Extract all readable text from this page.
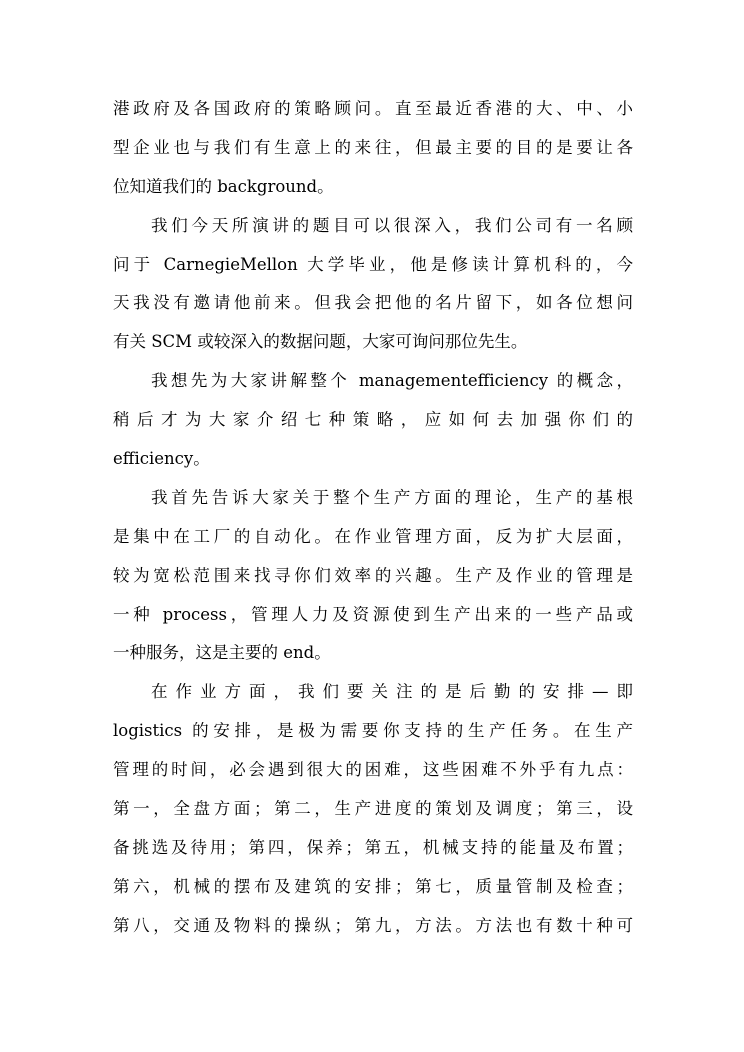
港政府及各国政府的策略顾问。直至最近香港的大、中、小
型企业也与我们有生意上的来往，但最主要的目的是要让各
位知道我们的 background。
我们今天所演讲的题目可以很深入，我们公司有一名顾
问于 CarnegieMellon 大学毕业，他是修读计算机科的，今
天我没有邀请他前来。但我会把他的名片留下，如各位想问
有关 SCM 或较深入的数据问题，大家可询问那位先生。
我想先为大家讲解整个 managementefficiency 的概念，
稍后才为大家介绍七种策略，应如何去加强你们的
efficiency。
我首先告诉大家关于整个生产方面的理论，生产的基根
是集中在工厂的自动化。在作业管理方面，反为扩大层面，
较为宽松范围来找寻你们效率的兴趣。生产及作业的管理是
一种 process，管理人力及资源使到生产出来的一些产品或
一种服务，这是主要的 end。
在作业方面，我们要关注的是后勤的安排—即
logistics 的安排，是极为需要你支持的生产任务。在生产
管理的时间，必会遇到很大的困难，这些困难不外乎有九点：
第一，全盘方面；第二，生产进度的策划及调度；第三，设
备挑选及待用；第四，保养；第五，机械支持的能量及布置；
第六，机械的摆布及建筑的安排；第七，质量管制及检查；
第八，交通及物料的操纵；第九，方法。方法也有数十种可
